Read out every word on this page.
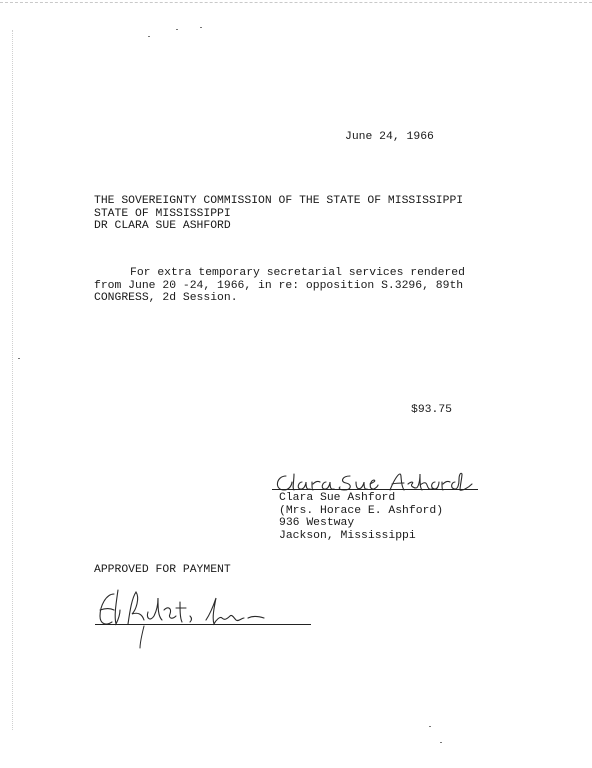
June 24, 1966
THE SOVEREIGNTY COMMISSION OF THE STATE OF MISSISSIPPI
STATE OF MISSISSIPPI
DR CLARA SUE ASHFORD
For extra temporary secretarial services rendered
from June 20 -24, 1966, in re: opposition S.3296, 89th
CONGRESS, 2d Session.
$93.75
Clara Sue Ashford
(Mrs. Horace E. Ashford)
936 Westway
Jackson, Mississippi
APPROVED FOR PAYMENT
